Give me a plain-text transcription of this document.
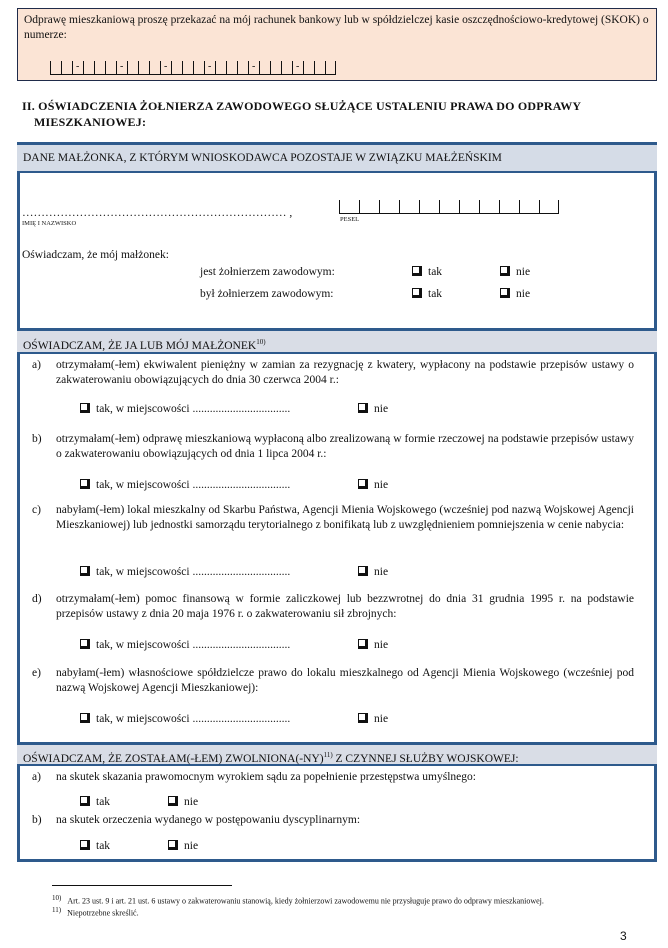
Odprawę mieszkaniową proszę przekazać na mój rachunek bankowy lub w spółdzielczej kasie oszczędnościowo-kredytowej (SKOK) o numerze:
-	-	-	-	-	-
II. OŚWIADCZENIA ŻOŁNIERZA ZAWODOWEGO SŁUŻĄCE USTALENIU PRAWA DO ODPRAWY
MIESZKANIOWEJ:
DANE MAŁŻONKA, Z KTÓRYM WNIOSKODAWCA POZOSTAJE W ZWIĄZKU MAŁŻEŃSKIM
…………………………………………………………… ,
IMIĘ I NAZWISKO
PESEL
Oświadczam, że mój małżonek:
jest żołnierzem zawodowym:	tak	nie
był żołnierzem zawodowym:	tak	nie
OŚWIADCZAM, ŻE JA LUB MÓJ MAŁŻONEK$^{10)}$
a) otrzymałam(-łem) ekwiwalent pieniężny w zamian za rezygnację z kwatery, wypłacony na podstawie przepisów ustawy o zakwaterowaniu obowiązujących do dnia 30 czerwca 2004 r.:
tak, w miejscowości ..................................	nie
b) otrzymałam(-łem) odprawę mieszkaniową wypłaconą albo zrealizowaną w formie rzeczowej na podstawie przepisów ustawy o zakwaterowaniu obowiązujących od dnia 1 lipca 2004 r.:
tak, w miejscowości ..................................	nie
c) nabyłam(-łem) lokal mieszkalny od Skarbu Państwa, Agencji Mienia Wojskowego (wcześniej pod nazwą Wojskowej Agencji Mieszkaniowej) lub jednostki samorządu terytorialnego z bonifikatą lub z uwzględnieniem pomniejszenia w cenie nabycia:
tak, w miejscowości ..................................	nie
d) otrzymałam(-łem) pomoc finansową w formie zaliczkowej lub bezzwrotnej do dnia 31 grudnia 1995 r. na podstawie przepisów ustawy z dnia 20 maja 1976 r. o zakwaterowaniu sił zbrojnych:
tak, w miejscowości ..................................	nie
e) nabyłam(-łem) własnościowe spółdzielcze prawo do lokalu mieszkalnego od Agencji Mienia Wojskowego (wcześniej pod nazwą Wojskowej Agencji Mieszkaniowej):
tak, w miejscowości ..................................	nie
OŚWIADCZAM, ŻE ZOSTAŁAM(-ŁEM) $ZWOLNIONA(-NY)^{11)}$ Z CZYNNEJ SŁUŻBY WOJSKOWEJ:
a) na skutek skazania prawomocnym wyrokiem sądu za popełnienie przestępstwa umyślnego:
tak	nie
b) na skutek orzeczenia wydanego w postępowaniu dyscyplinarnym:
tak	nie
$^{10)}$ Art. 23 ust. 9 i art. 21 ust. 6 ustawy o zakwaterowaniu stanowią, kiedy żołnierzowi zawodowemu nie przysługuje prawo do odprawy mieszkaniowej.
$^{11)}$ Niepotrzebne skreślić.
3
